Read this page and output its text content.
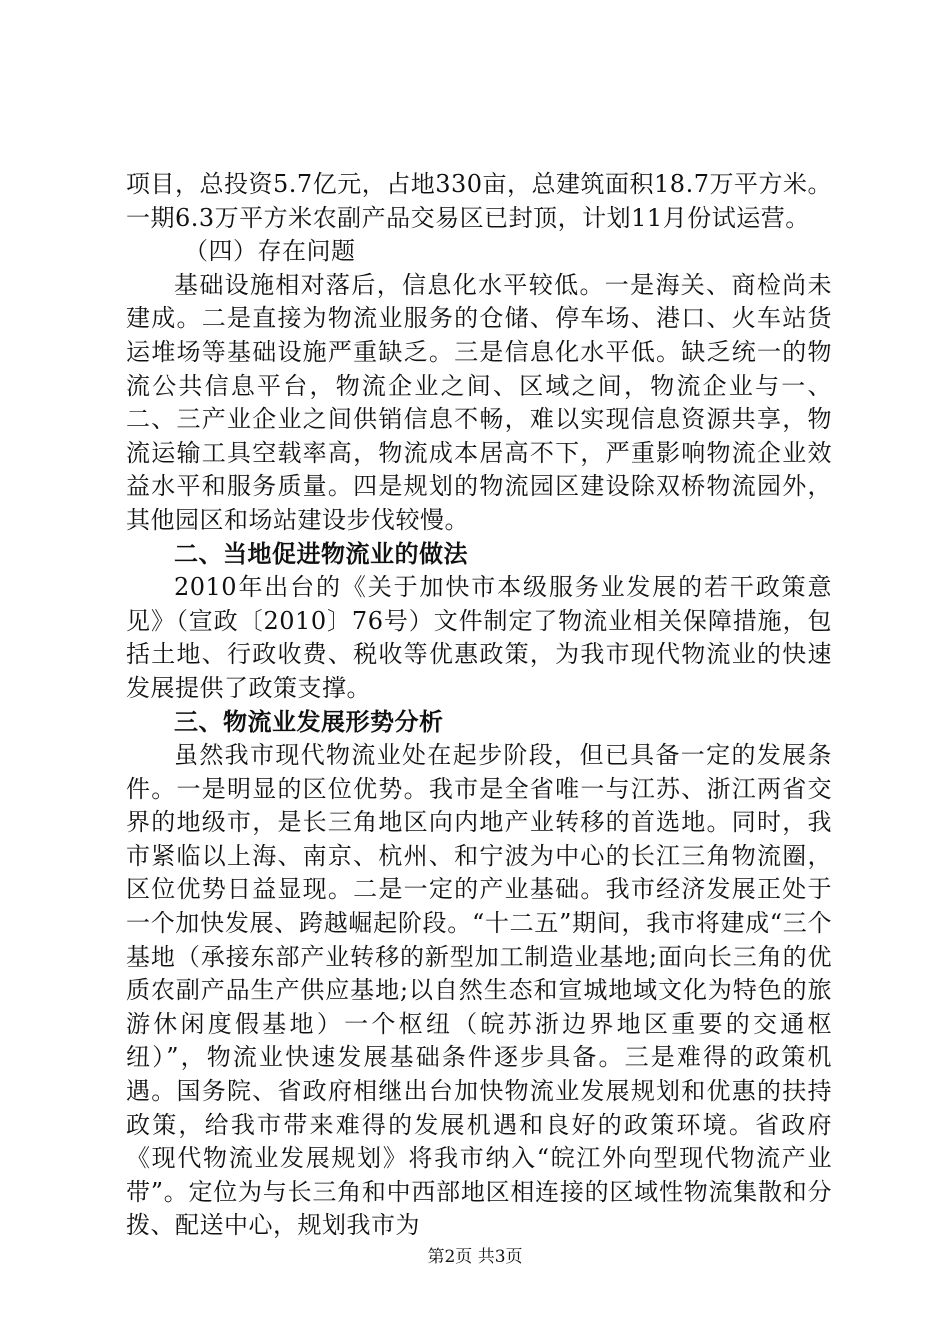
项目，总投资5.7亿元，占地330亩，总建筑面积18.7万平方米。一期6.3万平方米农副产品交易区已封顶，计划11月份试运营。

（四）存在问题

基础设施相对落后，信息化水平较低。一是海关、商检尚未建成。二是直接为物流业服务的仓储、停车场、港口、火车站货运堆场等基础设施严重缺乏。三是信息化水平低。缺乏统一的物流公共信息平台，物流企业之间、区域之间，物流企业与一、二、三产业企业之间供销信息不畅，难以实现信息资源共享，物流运输工具空载率高，物流成本居高不下，严重影响物流企业效益水平和服务质量。四是规划的物流园区建设除双桥物流园外，其他园区和场站建设步伐较慢。

二、当地促进物流业的做法

2010年出台的《关于加快市本级服务业发展的若干政策意见》（宣政〔2010〕76号）文件制定了物流业相关保障措施，包括土地、行政收费、税收等优惠政策，为我市现代物流业的快速发展提供了政策支撑。

三、物流业发展形势分析

虽然我市现代物流业处在起步阶段，但已具备一定的发展条件。一是明显的区位优势。我市是全省唯一与江苏、浙江两省交界的地级市，是长三角地区向内地产业转移的首选地。同时，我市紧临以上海、南京、杭州、和宁波为中心的长江三角物流圈，区位优势日益显现。二是一定的产业基础。我市经济发展正处于一个加快发展、跨越崛起阶段。“十二五”期间，我市将建成“三个基地（承接东部产业转移的新型加工制造业基地;面向长三角的优质农副产品生产供应基地;以自然生态和宣城地域文化为特色的旅游休闲度假基地）一个枢纽（皖苏浙边界地区重要的交通枢纽）”，物流业快速发展基础条件逐步具备。三是难得的政策机遇。国务院、省政府相继出台加快物流业发展规划和优惠的扶持政策，给我市带来难得的发展机遇和良好的政策环境。省政府《现代物流业发展规划》将我市纳入“皖江外向型现代物流产业带”。定位为与长三角和中西部地区相连接的区域性物流集散和分拨、配送中心，规划我市为

第2页 共3页
